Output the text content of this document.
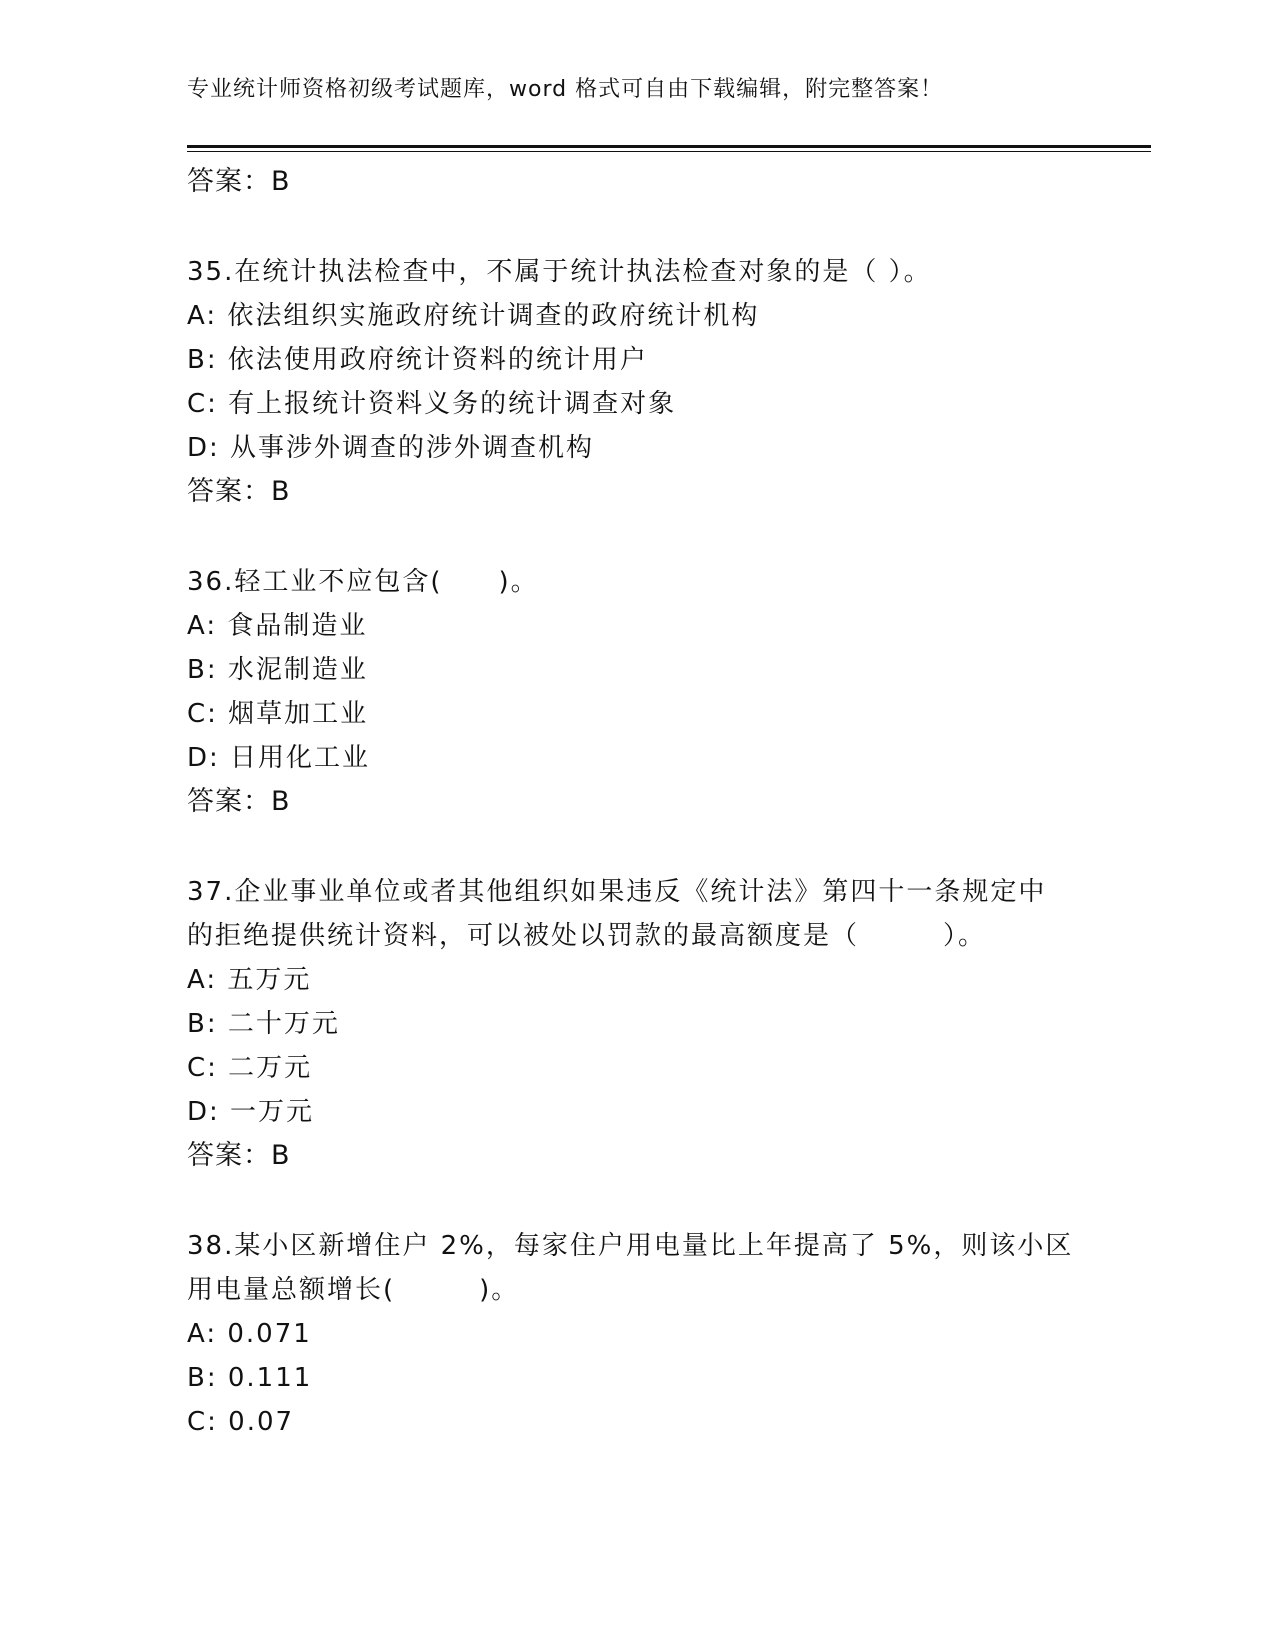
专业统计师资格初级考试题库，word 格式可自由下载编辑，附完整答案！
答案：B
35.在统计执法检查中，不属于统计执法检查对象的是（ ）。
A: 依法组织实施政府统计调查的政府统计机构
B: 依法使用政府统计资料的统计用户
C: 有上报统计资料义务的统计调查对象
D: 从事涉外调查的涉外调查机构
答案：B
36.轻工业不应包含(　　)。
A: 食品制造业
B: 水泥制造业
C: 烟草加工业
D: 日用化工业
答案：B
37.企业事业单位或者其他组织如果违反《统计法》第四十一条规定中
的拒绝提供统计资料，可以被处以罚款的最高额度是（　　　）。
A: 五万元
B: 二十万元
C: 二万元
D: 一万元
答案：B
38.某小区新增住户 2%，每家住户用电量比上年提高了 5%，则该小区
用电量总额增长(　　　)。
A: 0.071
B: 0.111
C: 0.07
